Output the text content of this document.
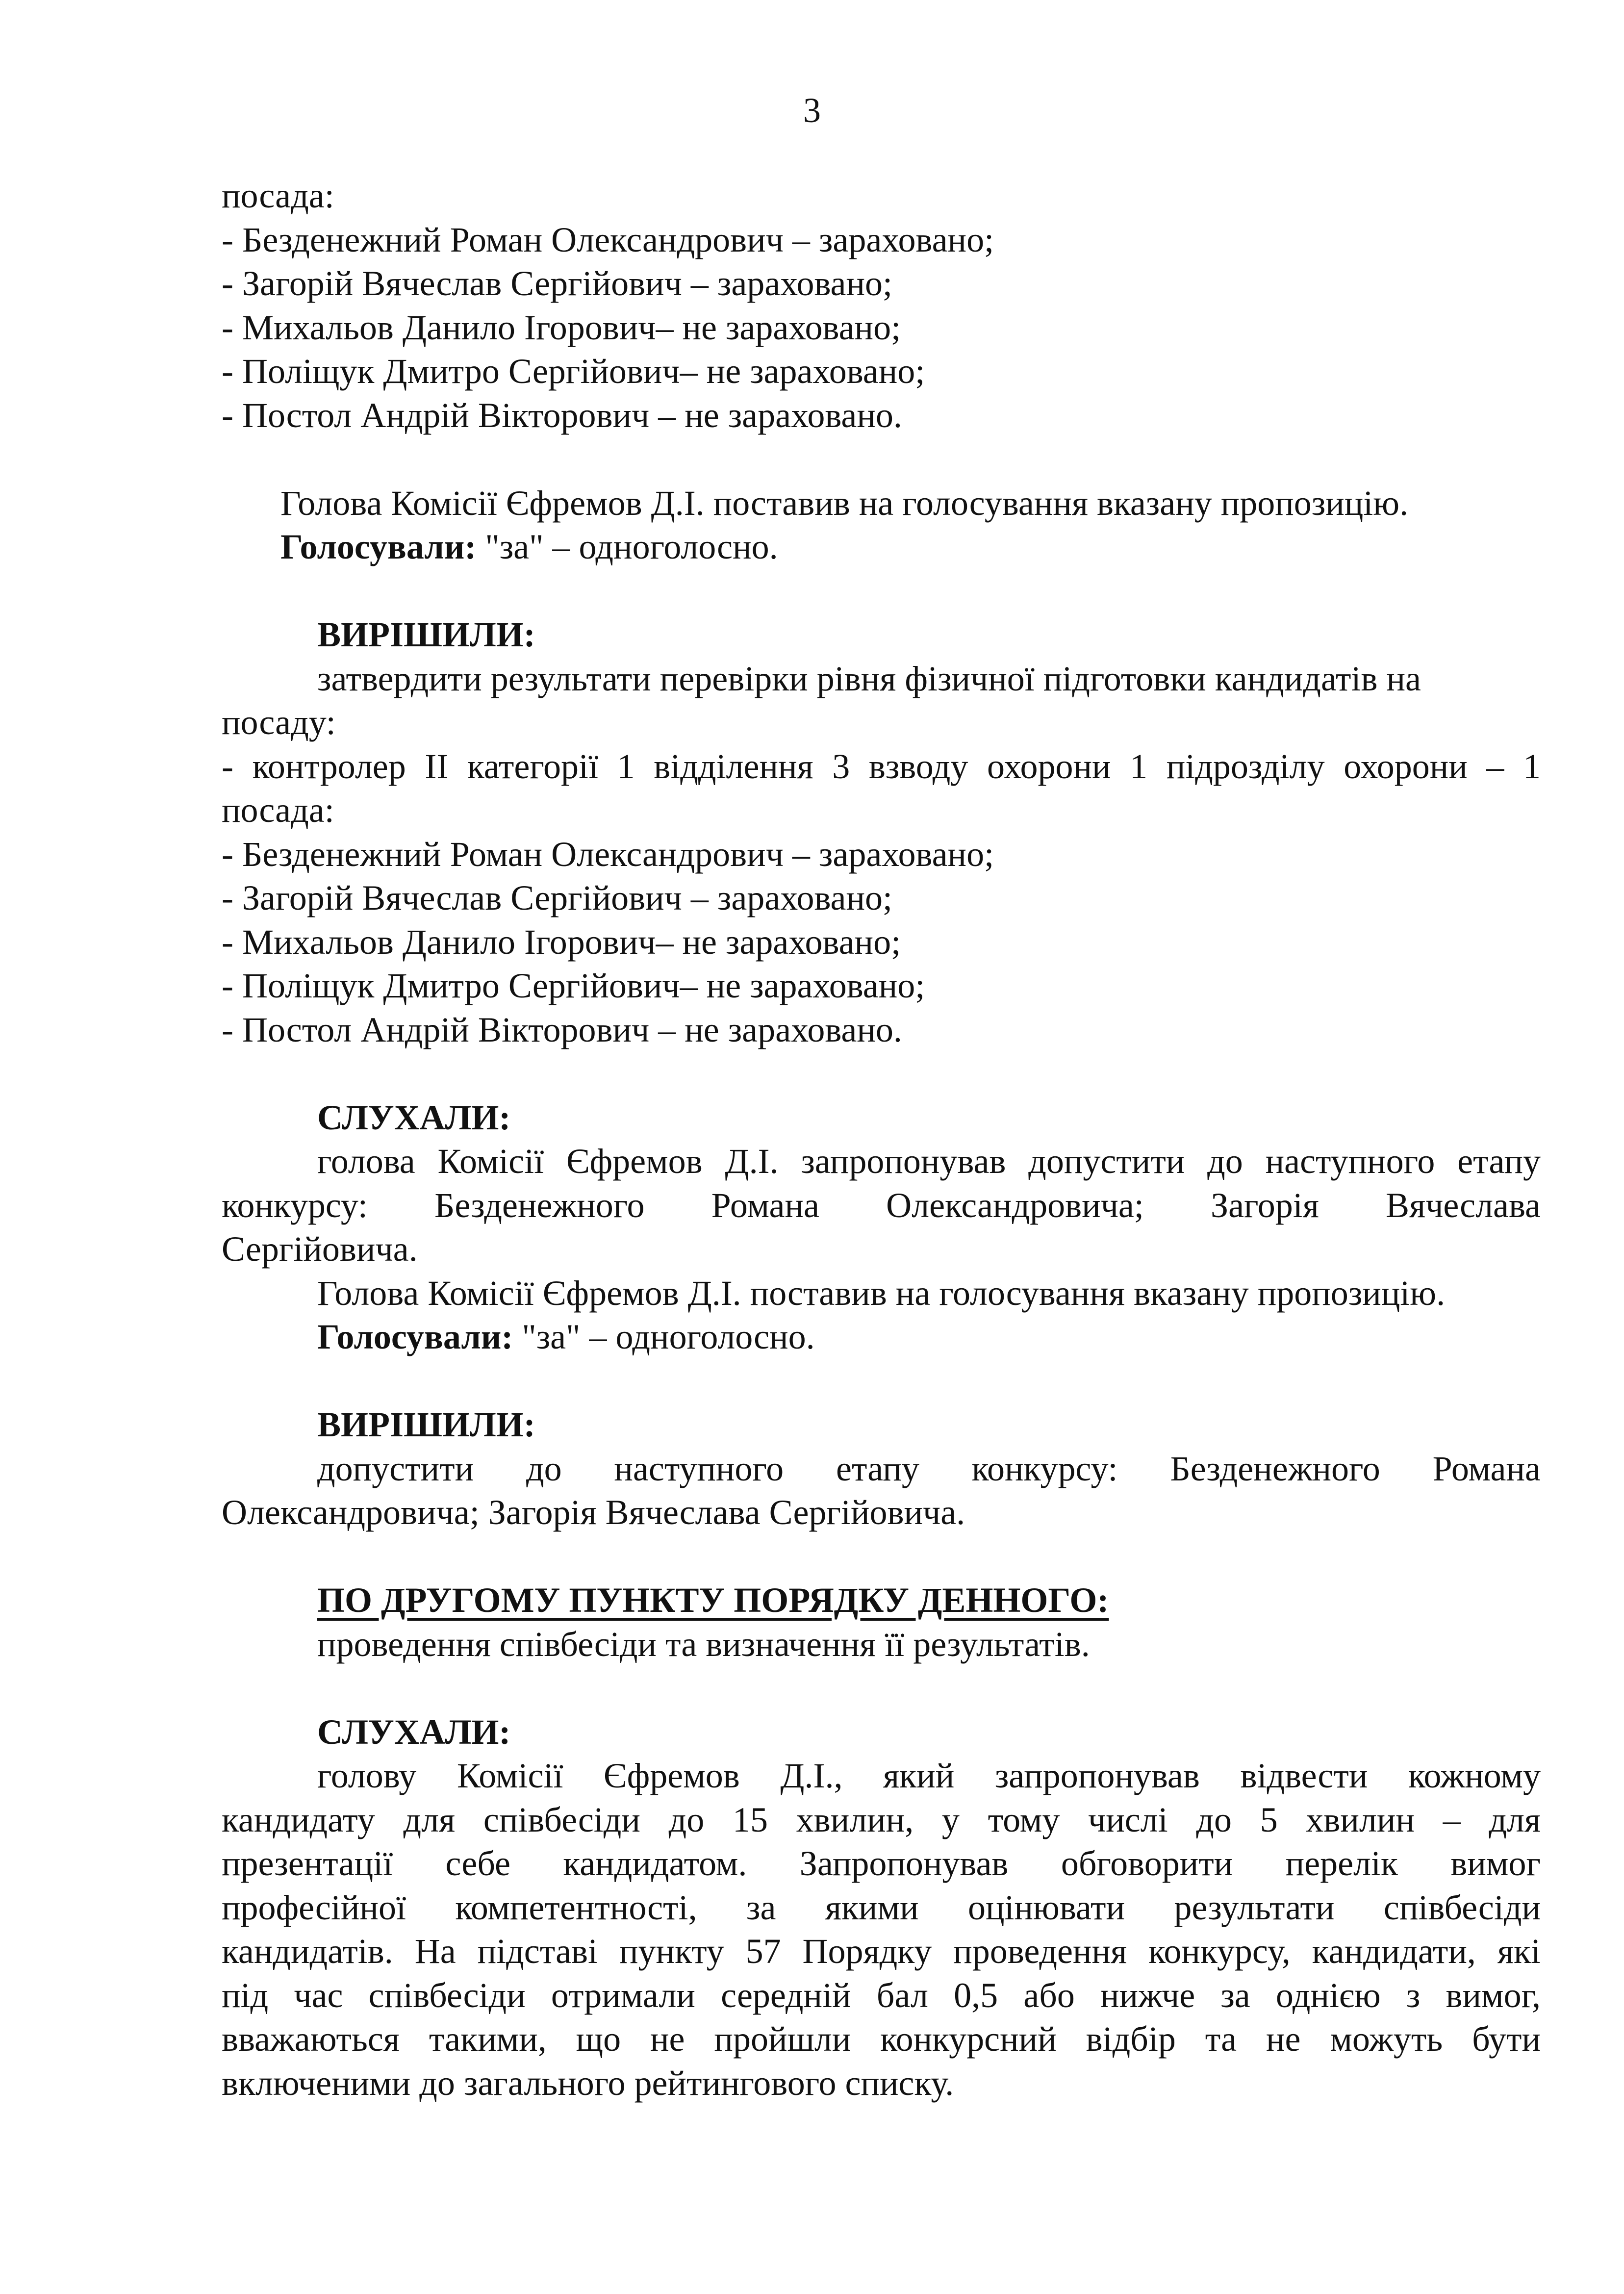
3
посада:
- Безденежний Роман Олександрович – зараховано;
- Загорій Вячеслав Сергійович – зараховано;
- Михальов Данило Ігорович– не зараховано;
- Поліщук Дмитро Сергійович– не зараховано;
- Постол Андрій Вікторович – не зараховано.
Голова Комісії Єфремов Д.І. поставив на голосування вказану пропозицію.
Голосували: "за" – одноголосно.
ВИРІШИЛИ:
затвердити результати перевірки рівня фізичної підготовки кандидатів на
посаду:
- контролер ІІ категорії 1 відділення 3 взводу охорони 1 підрозділу охорони – 1
посада:
- Безденежний Роман Олександрович – зараховано;
- Загорій Вячеслав Сергійович – зараховано;
- Михальов Данило Ігорович– не зараховано;
- Поліщук Дмитро Сергійович– не зараховано;
- Постол Андрій Вікторович – не зараховано.
СЛУХАЛИ:
голова Комісії Єфремов Д.І. запропонував допустити до наступного етапу
конкурсу: Безденежного Романа Олександровича; Загорія Вячеслава
Сергійовича.
Голова Комісії Єфремов Д.І. поставив на голосування вказану пропозицію.
Голосували: "за" – одноголосно.
ВИРІШИЛИ:
допустити до наступного етапу конкурсу: Безденежного Романа
Олександровича; Загорія Вячеслава Сергійовича.
ПО ДРУГОМУ ПУНКТУ ПОРЯДКУ ДЕННОГО:
проведення співбесіди та визначення її результатів.
СЛУХАЛИ:
голову Комісії Єфремов Д.І., який запропонував відвести кожному
кандидату для співбесіди до 15 хвилин, у тому числі до 5 хвилин – для
презентації себе кандидатом. Запропонував обговорити перелік вимог
професійної компетентності, за якими оцінювати результати співбесіди
кандидатів. На підставі пункту 57 Порядку проведення конкурсу, кандидати, які
під час співбесіди отримали середній бал 0,5 або нижче за однією з вимог,
вважаються такими, що не пройшли конкурсний відбір та не можуть бути
включеними до загального рейтингового списку.
